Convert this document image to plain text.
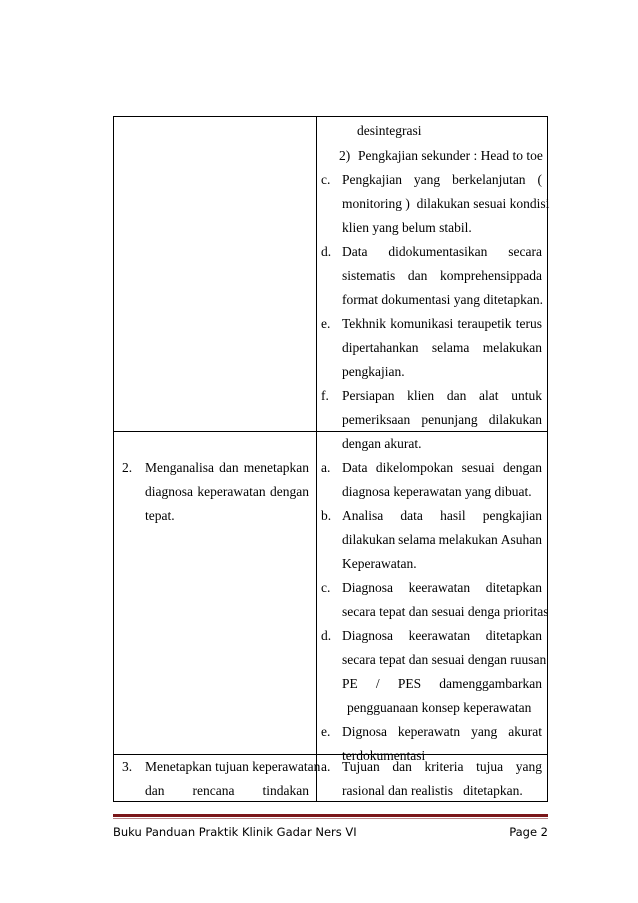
desintegrasi
2) Pengkajian sekunder : Head to toe
c. Pengkajian yang berkelanjutan (
monitoring )  dilakukan sesuai kondisi
klien yang belum stabil.
d. Data didokumentasikan secara
sistematis dan komprehensippada
format dokumentasi yang ditetapkan.
e. Tekhnik komunikasi teraupetik terus
dipertahankan selama melakukan
pengkajian.
f. Persiapan klien dan alat untuk
pemeriksaan penunjang dilakukan
dengan akurat.
2. Menganalisa dan menetapkan
diagnosa keperawatan dengan
tepat.
a. Data dikelompokan sesuai dengan
diagnosa keperawatan yang dibuat.
b. Analisa data hasil pengkajian
dilakukan selama melakukan Asuhan
Keperawatan.
c. Diagnosa keerawatan ditetapkan
secara tepat dan sesuai denga prioritas
d. Diagnosa keerawatan ditetapkan
secara tepat dan sesuai dengan ruusan
PE / PES damenggambarkan
pengguanaan konsep keperawatan
e. Dignosa keperawatn yang akurat
terdokumentasi
3. Menetapkan tujuan keperawatan
dan rencana tindakan
a. Tujuan dan kriteria tujua yang
rasional dan realistis   ditetapkan.
Buku Panduan Praktik Klinik Gadar Ners VI	Page 2
